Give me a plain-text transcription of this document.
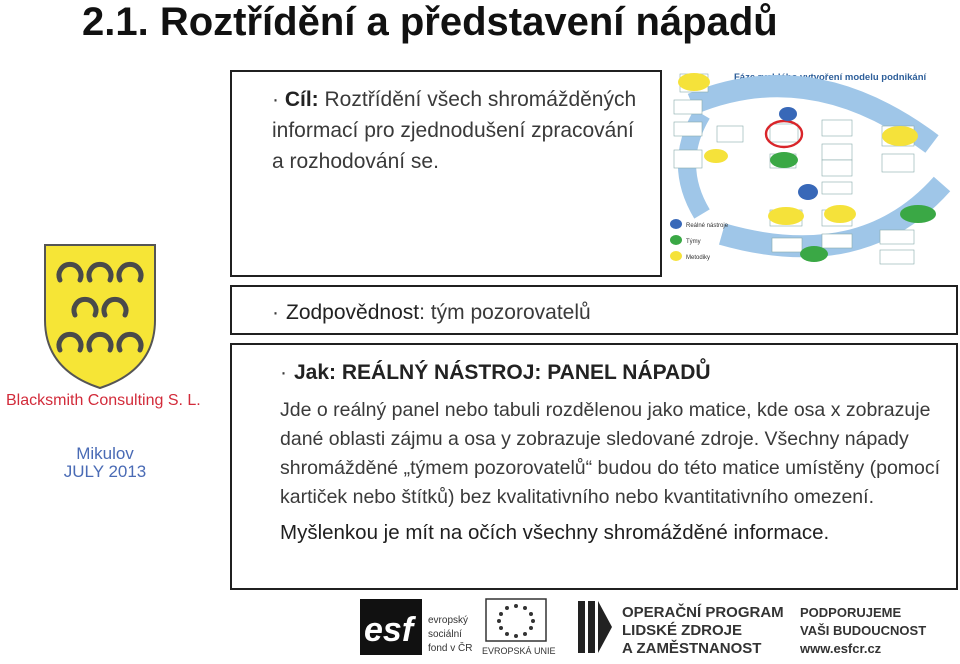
2.1. Roztřídění a představení nápadů
Blacksmith Consulting S. L.
Mikulov
JULY 2013
· Cíl: Roztřídění všech shromážděných informací pro zjednodušení zpracování a rozhodování se.
Fáze rychlého vytvoření modelu podnikání
Reálné nástroje
Týmy
Metodiky
· Zodpovědnost: tým pozorovatelů
· Jak: REÁLNÝ NÁSTROJ: PANEL NÁPADŮ
Jde o reálný panel nebo tabuli rozdělenou jako matice, kde osa x zobrazuje dané oblasti zájmu a osa y zobrazuje sledované zdroje. Všechny nápady shromážděné „týmem pozorovatelů“ budou do této matice umístěny (pomocí kartiček nebo štítků) bez kvalitativního nebo kvantitativního omezení.
Myšlenkou je mít na očích všechny shromážděné informace.
esf	evropský
sociální
fond v ČR EVROPSKÁ UNIE
OPERAČNÍ PROGRAM
LIDSKÉ ZDROJE
A ZAMĚSTNANOST
PODPORUJEME
VAŠI BUDOUCNOST
www.esfcr.cz
